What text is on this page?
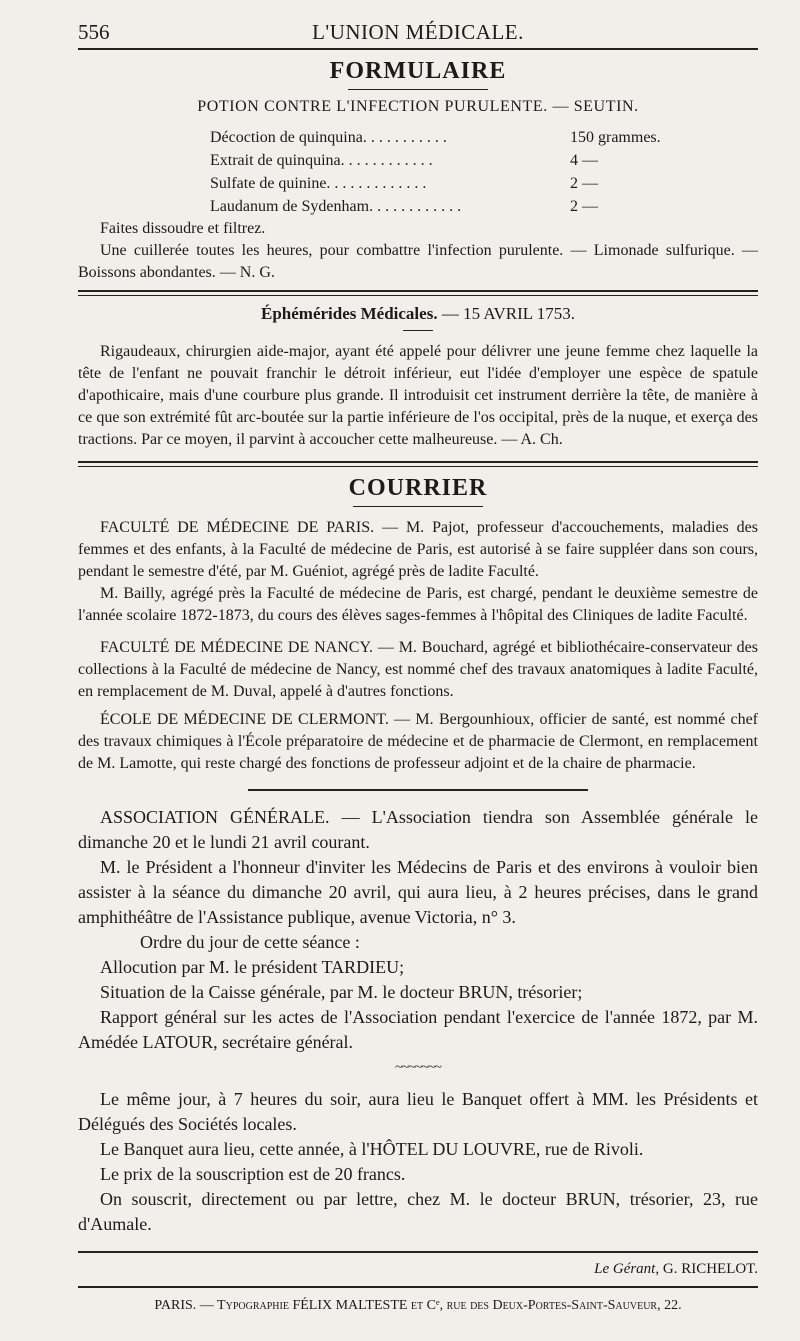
556	L'UNION MÉDICALE.
FORMULAIRE
POTION CONTRE L'INFECTION PURULENTE. — SEUTIN.
Décoction de quinquina. . . . . . . . . . .	150 grammes.
Extrait de quinquina. . . . . . . . . . . .	4 —
Sulfate de quinine. . . . . . . . . . . . .	2 —
Laudanum de Sydenham. . . . . . . . . . . .	2 —

Faites dissoudre et filtrez.

Une cuillerée toutes les heures, pour combattre l'infection purulente. — Limonade sulfurique. — Boissons abondantes. — N. G.

Éphémérides Médicales. — 15 AVRIL 1753.

Rigaudeaux, chirurgien aide-major, ayant été appelé pour délivrer une jeune femme chez laquelle la tête de l'enfant ne pouvait franchir le détroit inférieur, eut l'idée d'employer une espèce de spatule d'apothicaire, mais d'une courbure plus grande. Il introduisit cet instrument derrière la tête, de manière à ce que son extrémité fût arc-boutée sur la partie inférieure de l'os occipital, près de la nuque, et exerça des tractions. Par ce moyen, il parvint à accoucher cette malheureuse. — A. Ch.

COURRIER

FACULTÉ DE MÉDECINE DE PARIS. — M. Pajot, professeur d'accouchements, maladies des femmes et des enfants, à la Faculté de médecine de Paris, est autorisé à se faire suppléer dans son cours, pendant le semestre d'été, par M. Guéniot, agrégé près de ladite Faculté.

M. Bailly, agrégé près la Faculté de médecine de Paris, est chargé, pendant le deuxième semestre de l'année scolaire 1872-1873, du cours des élèves sages-femmes à l'hôpital des Cliniques de ladite Faculté.

FACULTÉ DE MÉDECINE DE NANCY. — M. Bouchard, agrégé et bibliothécaire-conservateur des collections à la Faculté de médecine de Nancy, est nommé chef des travaux anatomiques à ladite Faculté, en remplacement de M. Duval, appelé à d'autres fonctions.

ÉCOLE DE MÉDECINE DE CLERMONT. — M. Bergounhioux, officier de santé, est nommé chef des travaux chimiques à l'École préparatoire de médecine et de pharmacie de Clermont, en remplacement de M. Lamotte, qui reste chargé des fonctions de professeur adjoint et de la chaire de pharmacie.

ASSOCIATION GÉNÉRALE. — L'Association tiendra son Assemblée générale le dimanche 20 et le lundi 21 avril courant.

M. le Président a l'honneur d'inviter les Médecins de Paris et des environs à vouloir bien assister à la séance du dimanche 20 avril, qui aura lieu, à 2 heures précises, dans le grand amphithéâtre de l'Assistance publique, avenue Victoria, n° 3.

Ordre du jour de cette séance :

Allocution par M. le président TARDIEU;

Situation de la Caisse générale, par M. le docteur BRUN, trésorier;

Rapport général sur les actes de l'Association pendant l'exercice de l'année 1872, par M. Amédée LATOUR, secrétaire général.

~~~~~~~

Le même jour, à 7 heures du soir, aura lieu le Banquet offert à MM. les Présidents et Délégués des Sociétés locales.

Le Banquet aura lieu, cette année, à l'HÔTEL DU LOUVRE, rue de Rivoli.

Le prix de la souscription est de 20 francs.

On souscrit, directement ou par lettre, chez M. le docteur BRUN, trésorier, 23, rue d'Aumale.

Le Gérant, G. RICHELOT.
PARIS. — Typographie FÉLIX MALTESTE et Cᵉ, rue des Deux-Portes-Saint-Sauveur, 22.
